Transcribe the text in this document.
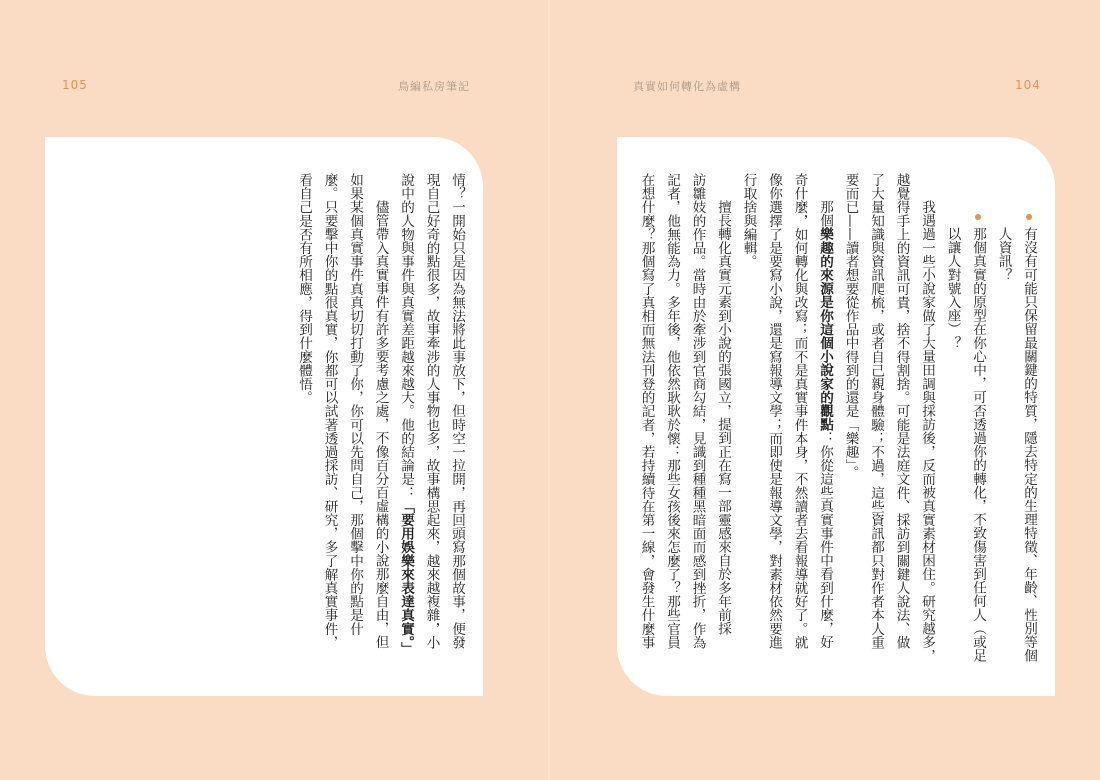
105	鳥編私房筆記	真實如何轉化為虛構	104
情？一開始只是因為無法將此事放下，但時空一拉開，再回頭寫那個故事，便發
現自己好奇的點很多，故事牽涉的人事物也多，故事構思起來，越來越複雜，小
說中的人物與事件與真實差距越來越大。他的結論是：「要用娛樂來表達真實。」
儘管帶入真實事件有許多要考慮之處，不像百分百虛構的小說那麼自由，但
如果某個真實事件真真切切打動了你，你可以先問自己，那個擊中你的點是什
麼。只要擊中你的點很真實，你都可以試著透過採訪、研究，多了解真實事件，
看自己是否有所相應，得到什麼體悟。	有沒有可能只保留最關鍵的特質，隱去特定的生理特徵、年齡、性別等個
人資訊？
那個真實的原型在你心中，可否透過你的轉化，不致傷害到任何人（或足
以讓人對號入座）？
我遇過一些小說家做了大量田調與採訪後，反而被真實素材困住。研究越多，
越覺得手上的資訊可貴，捨不得割捨。可能是法庭文件、採訪到關鍵人說法、做
了大量知識與資訊爬梳，或者自己親身體驗；不過，這些資訊都只對作者本人重
要而已——讀者想要從作品中得到的還是「樂趣」。
那個樂趣的來源是你這個小說家的觀點：你從這些真實事件中看到什麼，好
奇什麼，如何轉化與改寫；而不是真實事件本身，不然讀者去看報導就好了。就
像你選擇了是要寫小說，還是寫報導文學；而即使是報導文學，對素材依然要進
行取捨與編輯。
擅長轉化真實元素到小說的張國立，提到正在寫一部靈感來自於多年前採
訪雛妓的作品。當時由於牽涉到官商勾結，見識到種種黑暗面而感到挫折，作為
記者，他無能為力。多年後，他依然耿耿於懷：那些女孩後來怎麼了？那些官員
在想什麼？那個寫了真相而無法刊登的記者，若持續待在第一線，會發生什麼事
